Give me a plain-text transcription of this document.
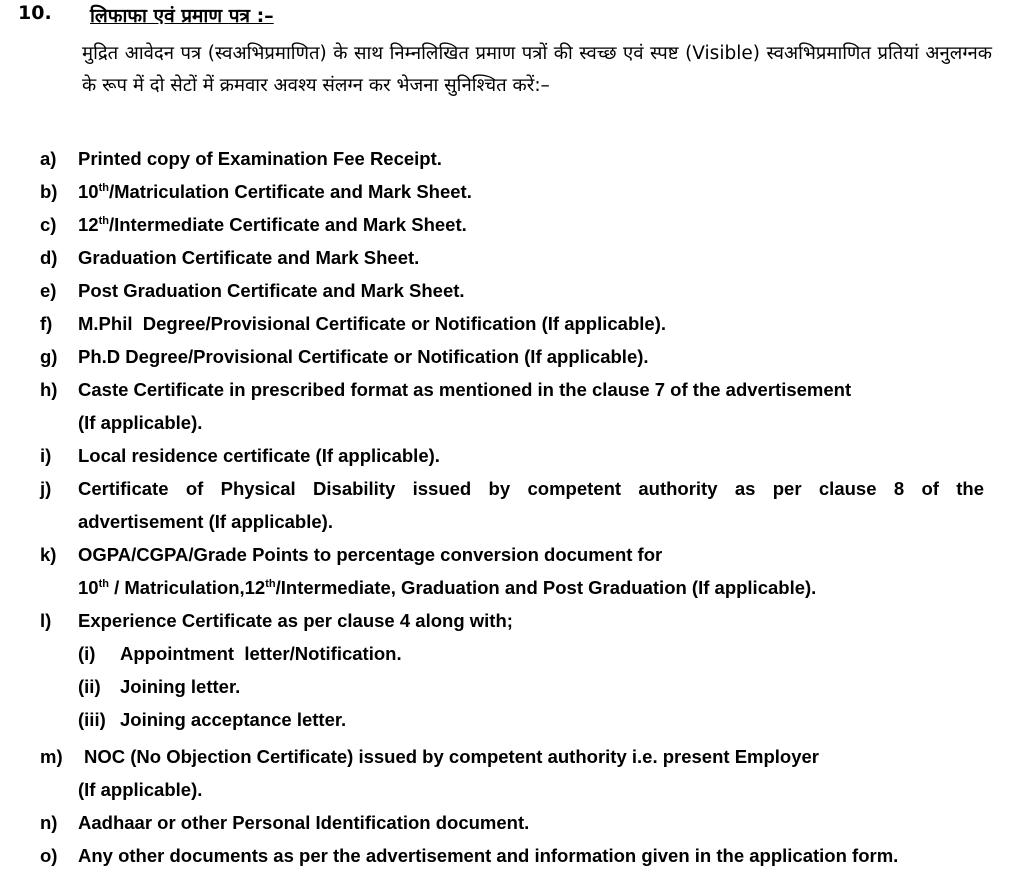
10. लिफाफा एवं प्रमाण पत्र :–
मुद्रित आवेदन पत्र (स्वअभिप्रमाणित) के साथ निम्नलिखित प्रमाण पत्रों की स्वच्छ एवं स्पष्ट (Visible) स्वअभिप्रमाणित प्रतियां अनुलग्नक के रूप में दो सेटों में क्रमवार अवश्य संलग्न कर भेजना सुनिश्चित करें:–
a) Printed copy of Examination Fee Receipt.
b) 10th/Matriculation Certificate and Mark Sheet.
c) 12th/Intermediate Certificate and Mark Sheet.
d) Graduation Certificate and Mark Sheet.
e) Post Graduation Certificate and Mark Sheet.
f) M.Phil  Degree/Provisional Certificate or Notification (If applicable).
g) Ph.D Degree/Provisional Certificate or Notification (If applicable).
h) Caste Certificate in prescribed format as mentioned in the clause 7 of the advertisement
(If applicable).
i) Local residence certificate (If applicable).
j) Certificate of Physical Disability issued by competent authority as per clause 8 of the
advertisement (If applicable).
k) OGPA/CGPA/Grade Points to percentage conversion document for
10th / Matriculation,12th/Intermediate, Graduation and Post Graduation (If applicable).
l) Experience Certificate as per clause 4 along with;
(i) Appointment  letter/Notification.
(ii) Joining letter.
(iii) Joining acceptance letter.
m) NOC (No Objection Certificate) issued by competent authority i.e. present Employer
(If applicable).
n) Aadhaar or other Personal Identification document.
o) Any other documents as per the advertisement and information given in the application form.
